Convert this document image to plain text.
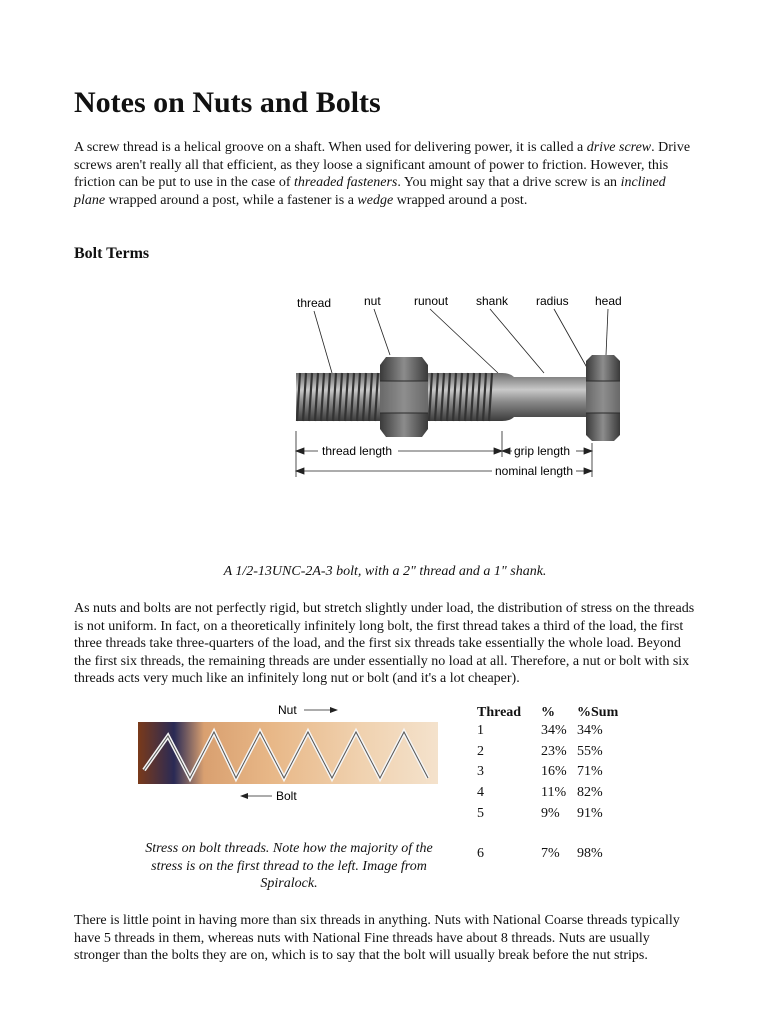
Notes on Nuts and Bolts

A screw thread is a helical groove on a shaft. When used for delivering power, it is called a drive screw. Drive screws aren't really all that efficient, as they loose a significant amount of power to friction. However, this friction can be put to use in the case of threaded fasteners. You might say that a drive screw is an inclined plane wrapped around a post, while a fastener is a wedge wrapped around a post.

Bolt Terms
thread	nut	runout shank radius head
thread length	grip length
nominal length
A 1/2-13UNC-2A-3 bolt, with a 2" thread and a 1" shank.

As nuts and bolts are not perfectly rigid, but stretch slightly under load, the distribution of stress on the threads is not uniform. In fact, on a theoretically infinitely long bolt, the first thread takes a third of the load, the first three threads take three-quarters of the load, and the first six threads take essentially the whole load. Beyond the first six threads, the remaining threads are under essentially no load at all. Therefore, a nut or bolt with six threads acts very much like an infinitely long nut or bolt (and it's a lot cheaper).

Nut
Bolt
Stress on bolt threads. Note how the majority of the stress is on the first thread to the left. Image from Spiralock.
Thread	%	%Sum
1	34%	34%
2	23%	55%
3	16%	71%
4	11%	82%
5	9%	91%
6	7%	98%

There is little point in having more than six threads in anything. Nuts with National Coarse threads typically have 5 threads in them, whereas nuts with National Fine threads have about 8 threads. Nuts are usually stronger than the bolts they are on, which is to say that the bolt will usually break before the nut strips.
